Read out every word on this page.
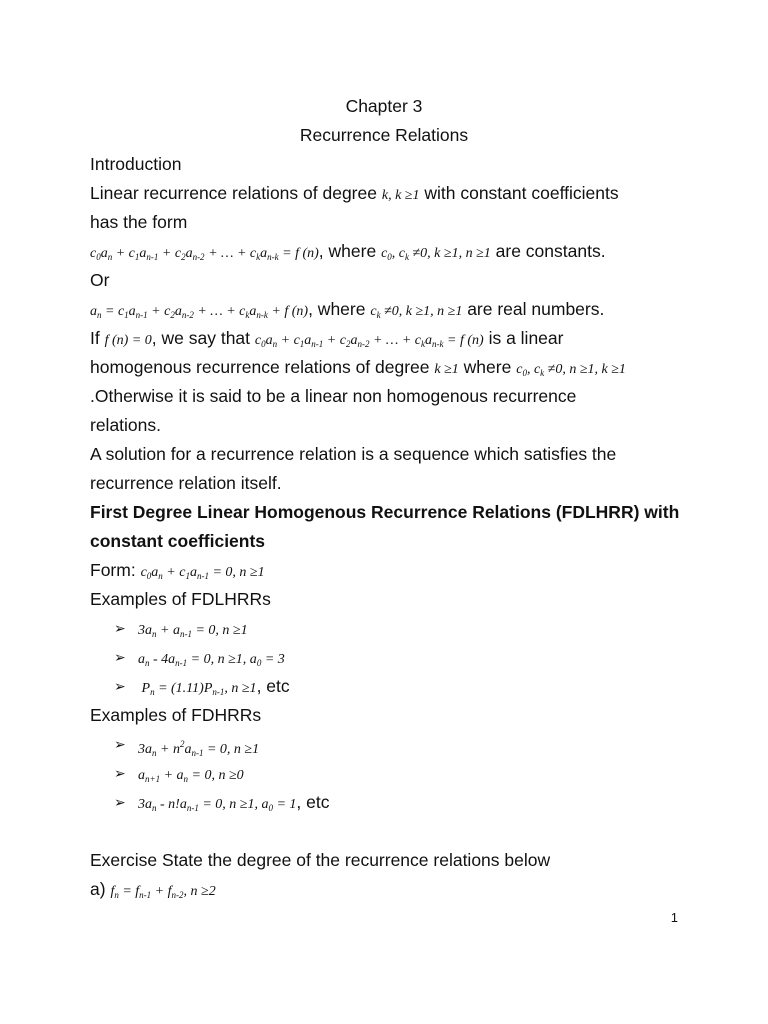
Chapter 3
Recurrence Relations
Introduction
Linear recurrence relations of degree k, k ≥1 with constant coefficients
has the form
$c_0a_n + c_1a_{n-1} + c_2a_{n-2}$ + … + $c_ka_{n-k} = f$ (n), where $c_0$, $c_k \ne 0$, k ≥1, n ≥1 are constants.
Or
$a_n = c_1a_{n-1} + c_2a_{n-2}$ + … + $c_ka_{n-k} + f$ (n), where $c_k \ne 0$, k ≥1, n ≥1 are real numbers.
If f (n) = 0, we say that $c_0a_n + c_1a_{n-1} + c_2a_{n-2}$ + … + $c_ka_{n-k} = f$ (n) is a linear
homogenous recurrence relations of degree k ≥1 where $c_0$, $c_k \ne 0$, n ≥1, k ≥1
.Otherwise it is said to be a linear non homogenous recurrence
relations.
A solution for a recurrence relation is a sequence which satisfies the
recurrence relation itself.
First Degree Linear Homogenous Recurrence Relations (FDLHRR) with
constant coefficients
Form: $c_0a_n + c_1a_{n-1} = 0$, n ≥1
Examples of FDLHRRs
➢ $3a_n + a_{n-1} = 0$, n ≥1
➢ $a_n - 4a_{n-1} = 0$, n ≥1, $a_0 = 3$
➢ $P_n = (1.11)P_{n-1}$, n ≥1, etc
Examples of FDHRRs
➢ $3a_n + n^2a_{n-1} = 0$, n ≥1
➢ $a_{n+1} + a_n = 0$, n ≥0
➢ $3a_n - n!a_{n-1} = 0$, n ≥1, $a_0 = 1$, etc
Exercise State the degree of the recurrence relations below
a) $f_n = f_{n-1} + f_{n-2}$, n ≥2
1
